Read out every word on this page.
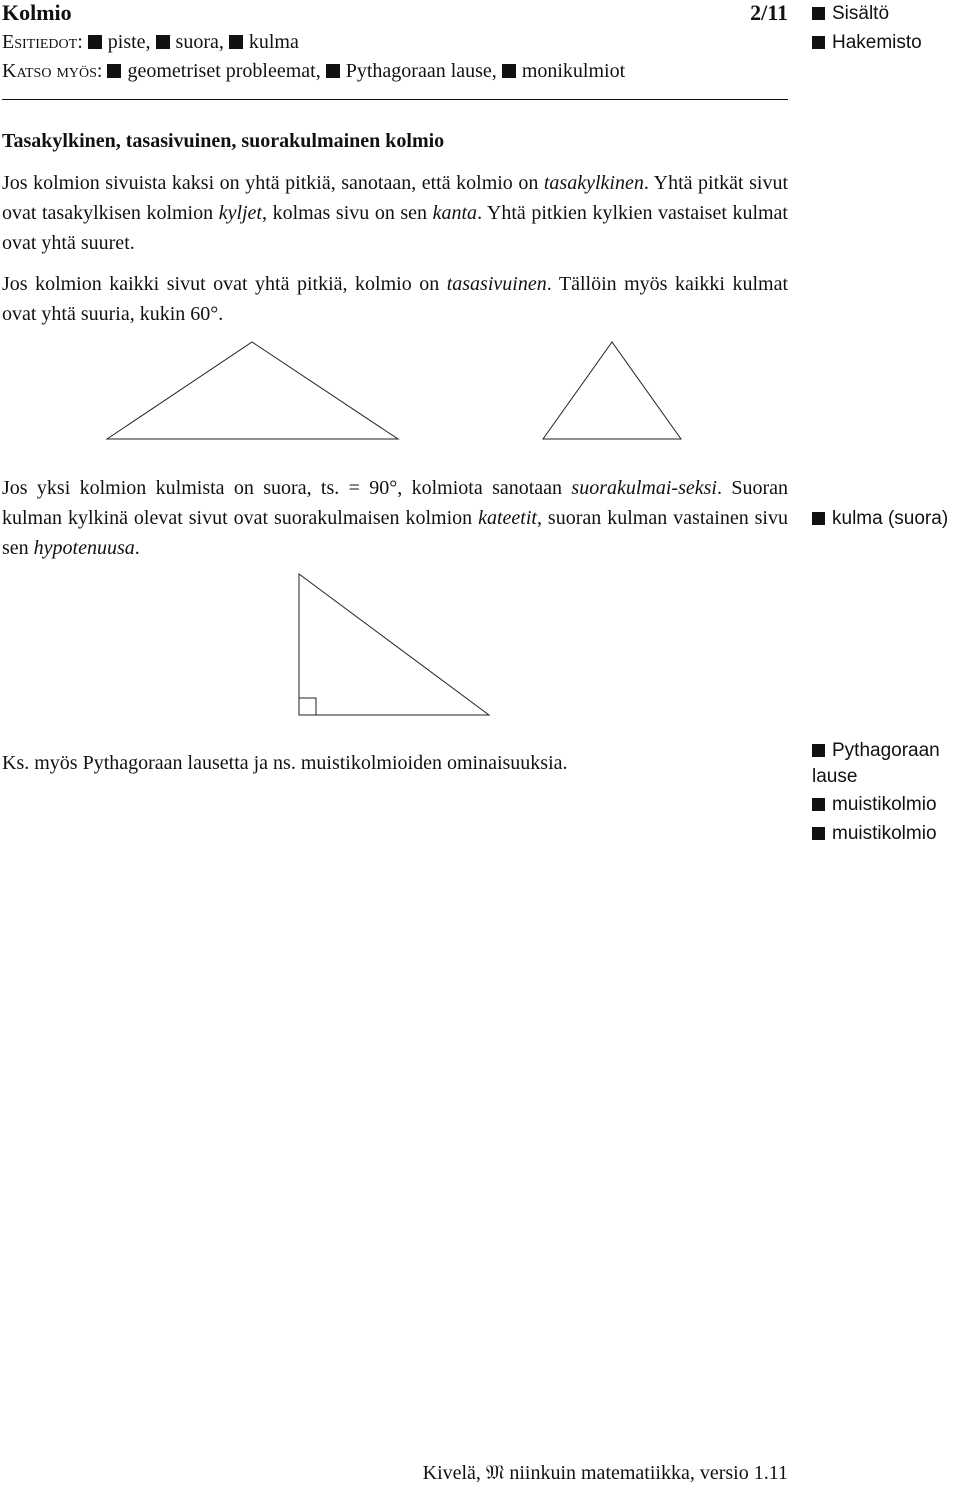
Kolmio	2/11
Esitiedot: piste, suora, kulma
Katso myös: geometriset probleemat, Pythagoraan lause, monikulmiot
Sisältö
Hakemisto
Tasakylkinen, tasasivuinen, suorakulmainen kolmio
Jos kolmion sivuista kaksi on yhtä pitkiä, sanotaan, että kolmio on tasakylkinen. Yhtä pitkät sivut ovat tasakylkisen kolmion kyljet, kolmas sivu on sen kanta. Yhtä pitkien kylkien vastaiset kulmat ovat yhtä suuret.
Jos kolmion kaikki sivut ovat yhtä pitkiä, kolmio on tasasivuinen. Tällöin myös kaikki kulmat ovat yhtä suuria, kukin 60°.
Jos yksi kolmion kulmista on suora, ts. = 90°, kolmiota sanotaan suorakulmai-seksi. Suoran kulman kylkinä olevat sivut ovat suorakulmaisen kolmion kateetit, suoran kulman vastainen sivu sen hypotenuusa.
kulma (suora)
Ks. myös Pythagoraan lausetta ja ns. muistikolmioiden ominaisuuksia.
Pythagoraan
lause
muistikolmio
muistikolmio
Kivelä, 𝔐 niinkuin matematiikka, versio 1.11
